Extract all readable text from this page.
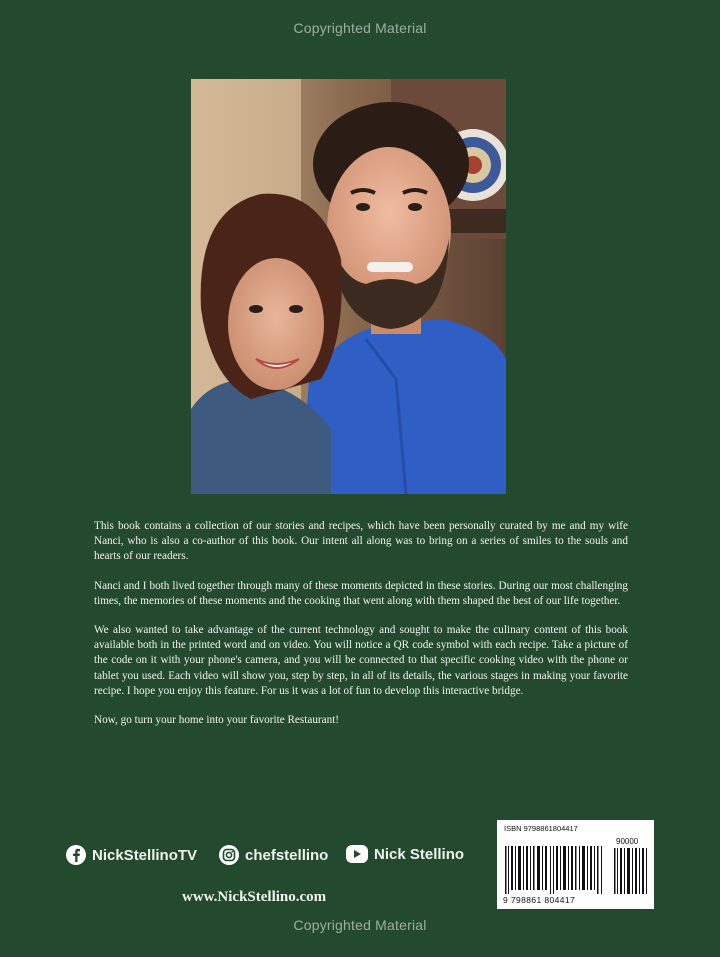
Copyrighted Material

This book contains a collection of our stories and recipes, which have been personally curated by me and my wife Nanci, who is also a co-author of this book. Our intent all along was to bring on a series of smiles to the souls and hearts of our readers.

Nanci and I both lived together through many of these moments depicted in these stories. During our most challenging times, the memories of these moments and the cooking that went along with them shaped the best of our life together.

We also wanted to take advantage of the current technology and sought to make the culinary content of this book available both in the printed word and on video. You will notice a QR code symbol with each recipe. Take a picture of the code on it with your phone's camera, and you will be connected to that specific cooking video with the phone or tablet you used. Each video will show you, step by step, in all of its details, the various stages in making your favorite recipe. I hope you enjoy this feature. For us it was a lot of fun to develop this interactive bridge.

Now, go turn your home into your favorite Restaurant!

NickStellinoTV	chefstellino	Nick Stellino
www.NickStellino.com
ISBN 9798861804417
90000
9 798861 804417
Copyrighted Material
